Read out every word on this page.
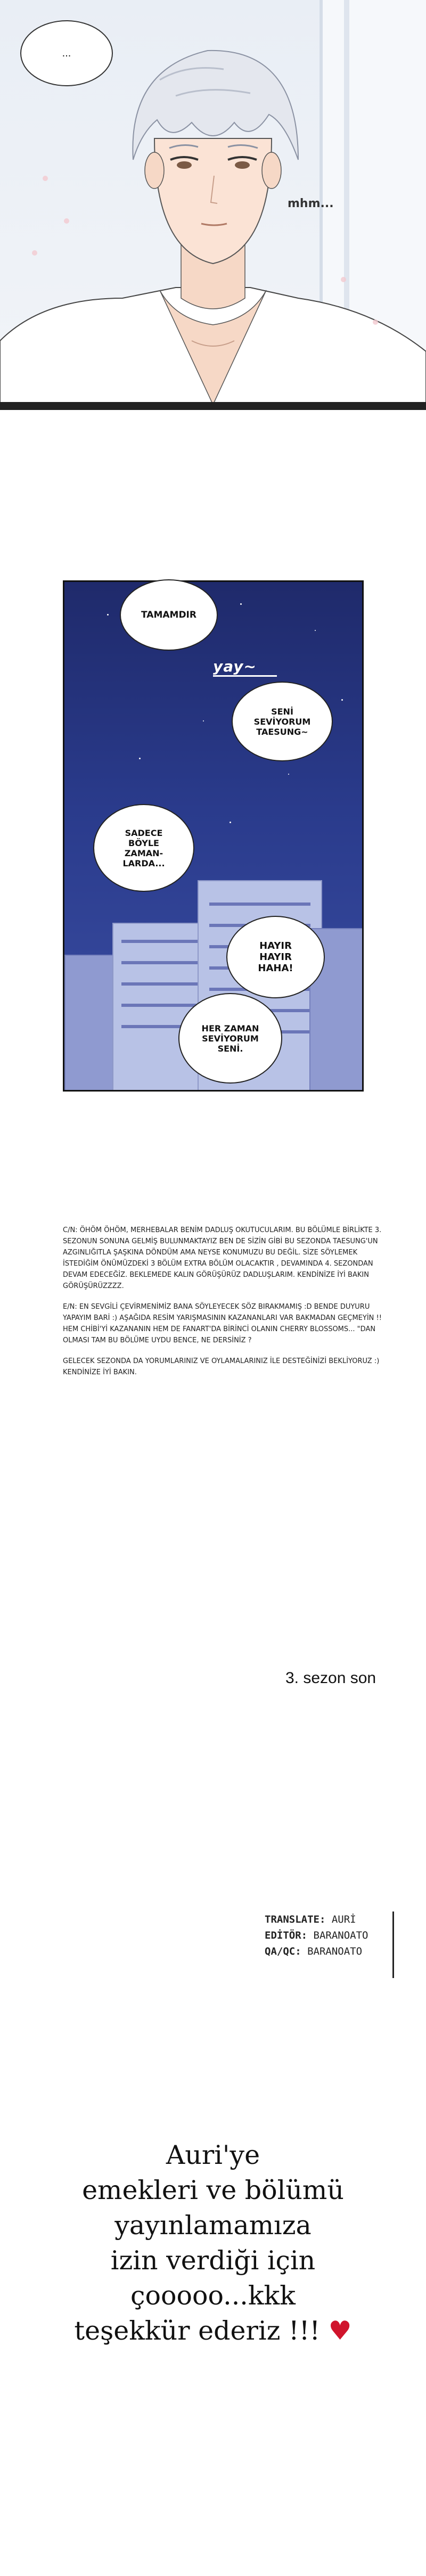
...
mhm...
TAMAMDIR
yay~
SENİ SEVİYORUM TAESUNG~
SADECE BÖYLE ZAMAN-LARDA...
HAYIR HAYIR HAHA!
HER ZAMAN SEVİYORUM SENİ.

C/N: ÖHÖM ÖHÖM, MERHEBALAR BENİM DADLUŞ OKUTUCULARIM. BU BÖLÜMLE BİRLİKTE 3. SEZONUN SONUNA GELMİŞ BULUNMAKTAYIZ BEN DE SİZİN GİBİ BU SEZONDA TAESUNG'UN AZGINLIĞITLA ŞAŞKINA DÖNDÜM AMA NEYSE KONUMUZU BU DEĞİL. SİZE SÖYLEMEK İSTEDİĞİM ÖNÜMÜZDEKİ 3 BÖLÜM EXTRA BÖLÜM OLACAKTIR , DEVAMINDA 4. SEZONDAN DEVAM EDECEĞİZ. BEKLEMEDE KALIN GÖRÜŞÜRÜZ DADLUŞLARIM. KENDİNİZE İYİ BAKIN GÖRÜŞÜRÜZZZZ.

E/N: EN SEVGİLİ ÇEVİRMENİMİZ BANA SÖYLEYECEK SÖZ BIRAKMAMIŞ :D BENDE DUYURU YAPAYIM BARİ :) AŞAĞIDA RESİM YARIŞMASININ KAZANANLARI VAR BAKMADAN GEÇMEYİN !! HEM CHİBİ'Yİ KAZANANIN HEM DE FANART'DA BİRİNCİ OLANIN CHERRY BLOSSOMS... "DAN OLMASI TAM BU BÖLÜME UYDU BENCE, NE DERSİNİZ ?

GELECEK SEZONDA DA YORUMLARINIZ VE OYLAMALARINIZ İLE DESTEĞİNİZİ BEKLİYORUZ :) KENDİNİZE İYİ BAKIN.

3. sezon son
TRANSLATE: AURİ
EDİTÖR: BARANOATO
QA/QC: BARANOATO
Auri'ye
emekleri ve bölümü
yayınlamamıza
izin verdiği için
çooooo...kkk
teşekkür ederiz !!! ♥
